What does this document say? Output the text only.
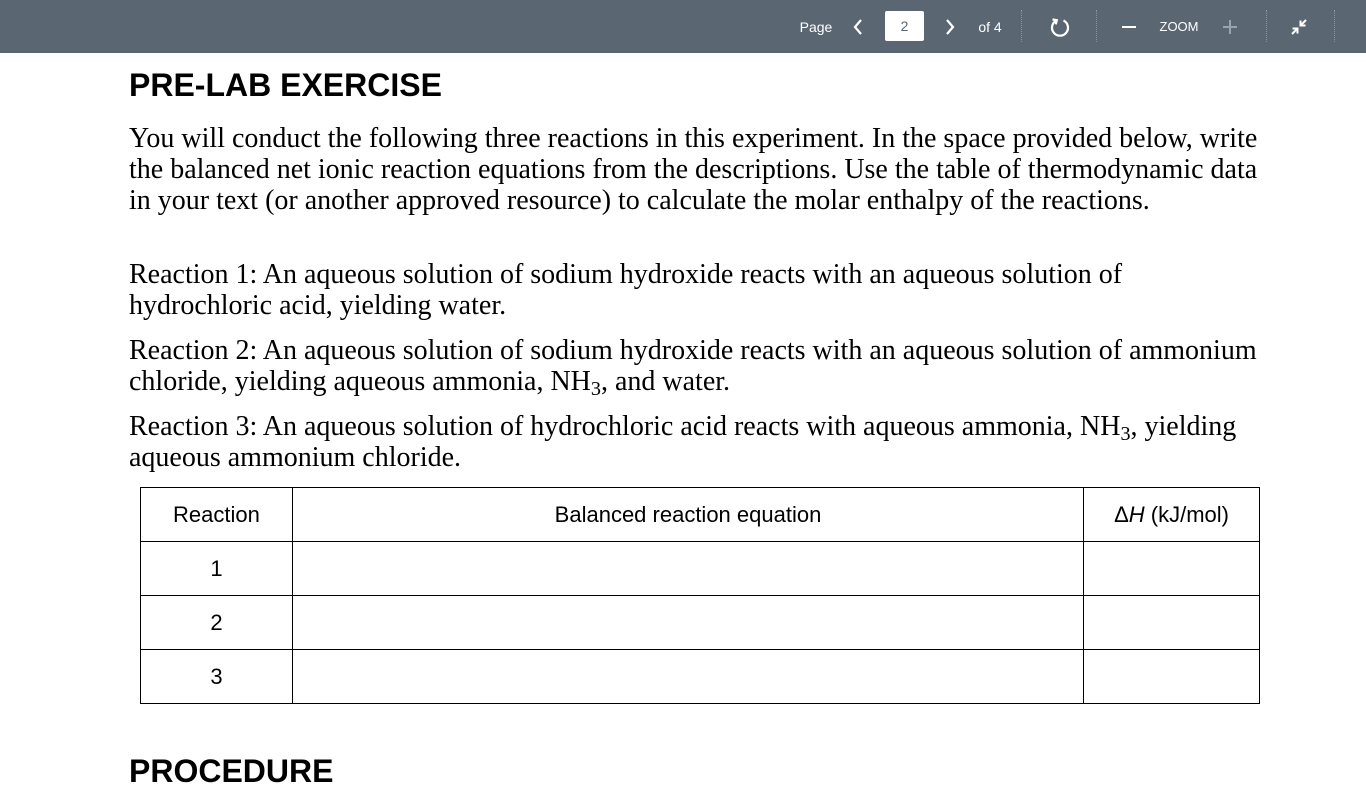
Page	2	of 4	ZOOM
PRE-LAB EXERCISE

You will conduct the following three reactions in this experiment. In the space provided below, write the balanced net ionic reaction equations from the descriptions. Use the table of thermodynamic data in your text (or another approved resource) to calculate the molar enthalpy of the reactions.

Reaction 1: An aqueous solution of sodium hydroxide reacts with an aqueous solution of hydrochloric acid, yielding water.

Reaction 2: An aqueous solution of sodium hydroxide reacts with an aqueous solution of ammonium chloride, yielding aqueous ammonia, $NH_3$, and water.

Reaction 3: An aqueous solution of hydrochloric acid reacts with aqueous ammonia, $NH_3$, yielding aqueous ammonium chloride.

Reaction	Balanced reaction equation	ΔH (kJ/mol)
1		
2		
3		
PROCEDURE
